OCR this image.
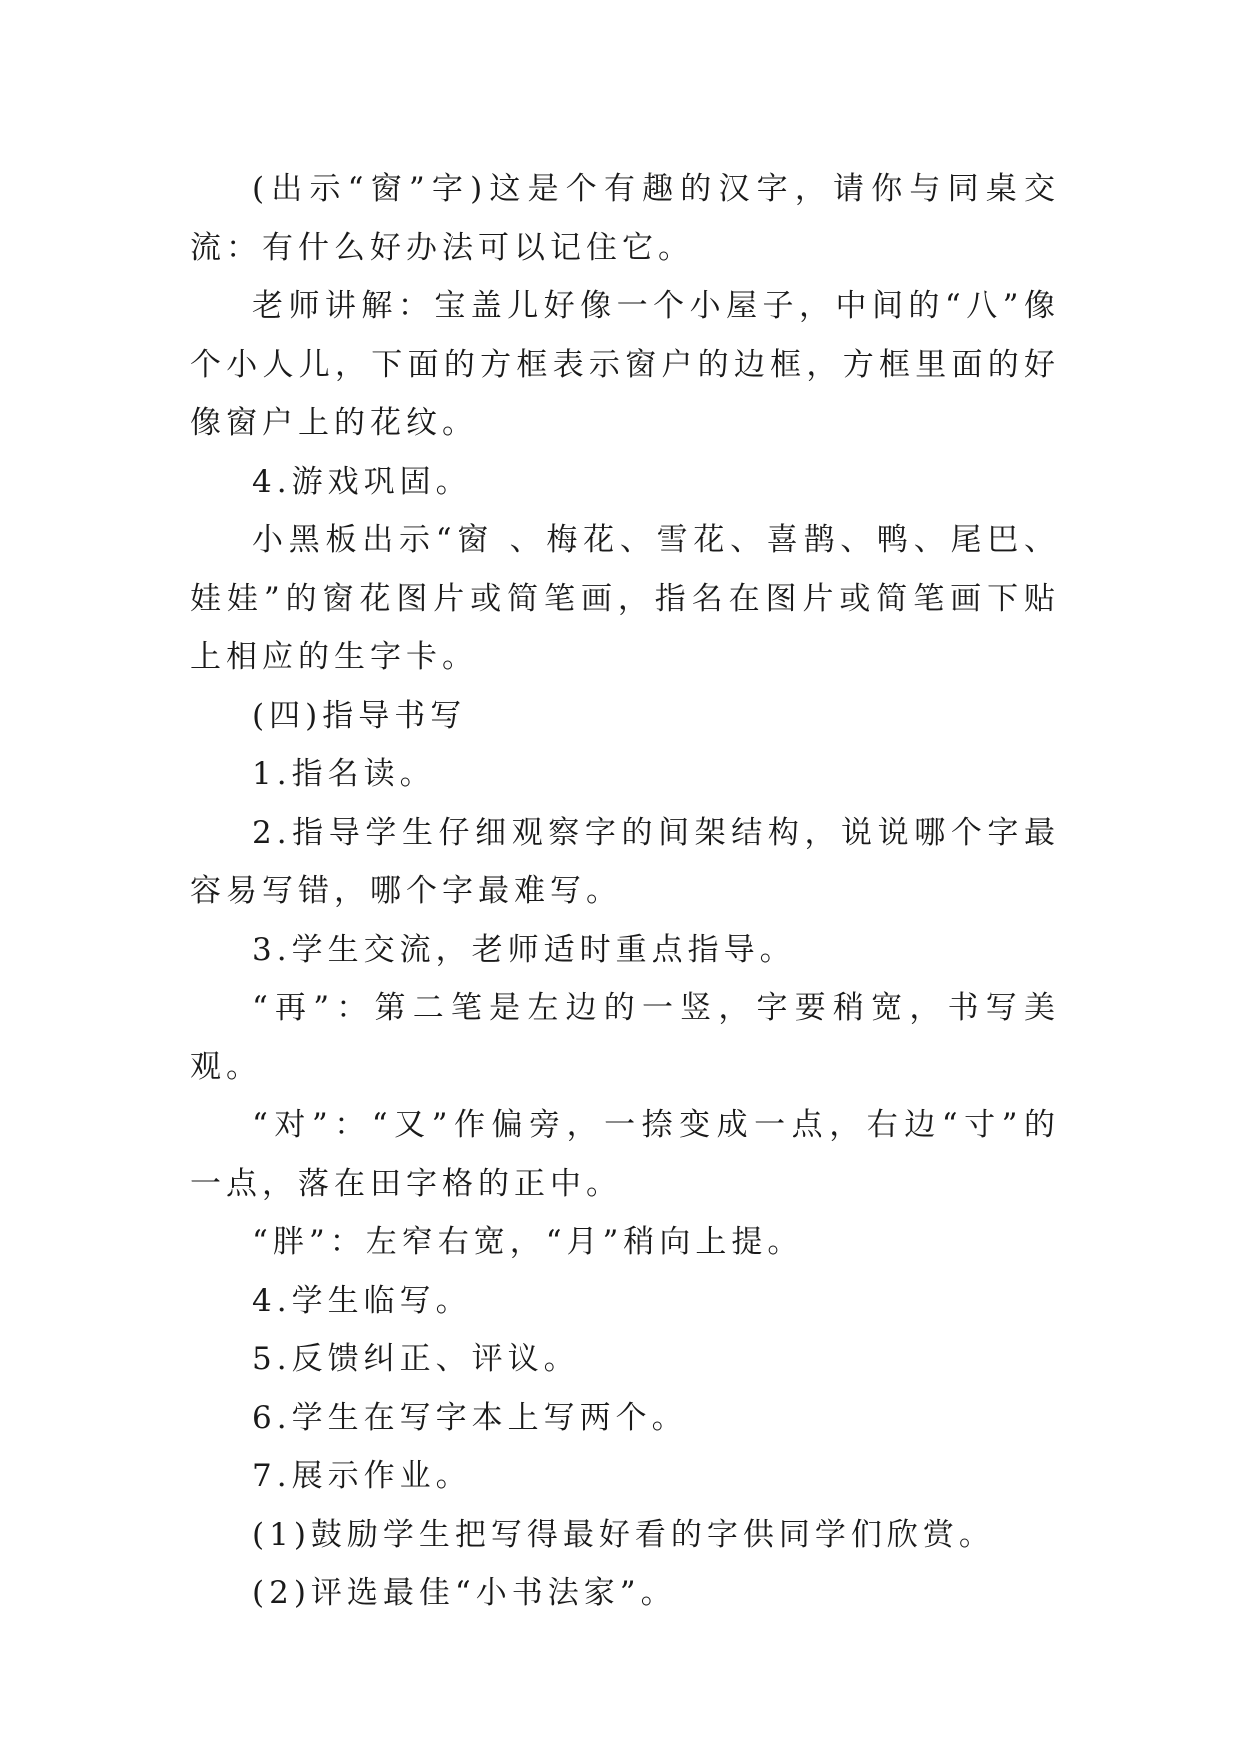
(出示“窗”字)这是个有趣的汉字，请你与同桌交流：有什么好办法可以记住它。

老师讲解：宝盖儿好像一个小屋子，中间的“八”像个小人儿，下面的方框表示窗户的边框，方框里面的好像窗户上的花纹。

4.游戏巩固。

小黑板出示“窗 、梅花、雪花、喜鹊、鸭、尾巴、娃娃”的窗花图片或简笔画，指名在图片或简笔画下贴上相应的生字卡。

(四)指导书写

1.指名读。

2.指导学生仔细观察字的间架结构，说说哪个字最容易写错，哪个字最难写。

3.学生交流，老师适时重点指导。

“再”：第二笔是左边的一竖，字要稍宽，书写美观。

“对”：“又”作偏旁，一捺变成一点，右边“寸”的一点，落在田字格的正中。

“胖”：左窄右宽，“月”稍向上提。

4.学生临写。

5.反馈纠正、评议。

6.学生在写字本上写两个。

7.展示作业。

(1)鼓励学生把写得最好看的字供同学们欣赏。

(2)评选最佳“小书法家”。
